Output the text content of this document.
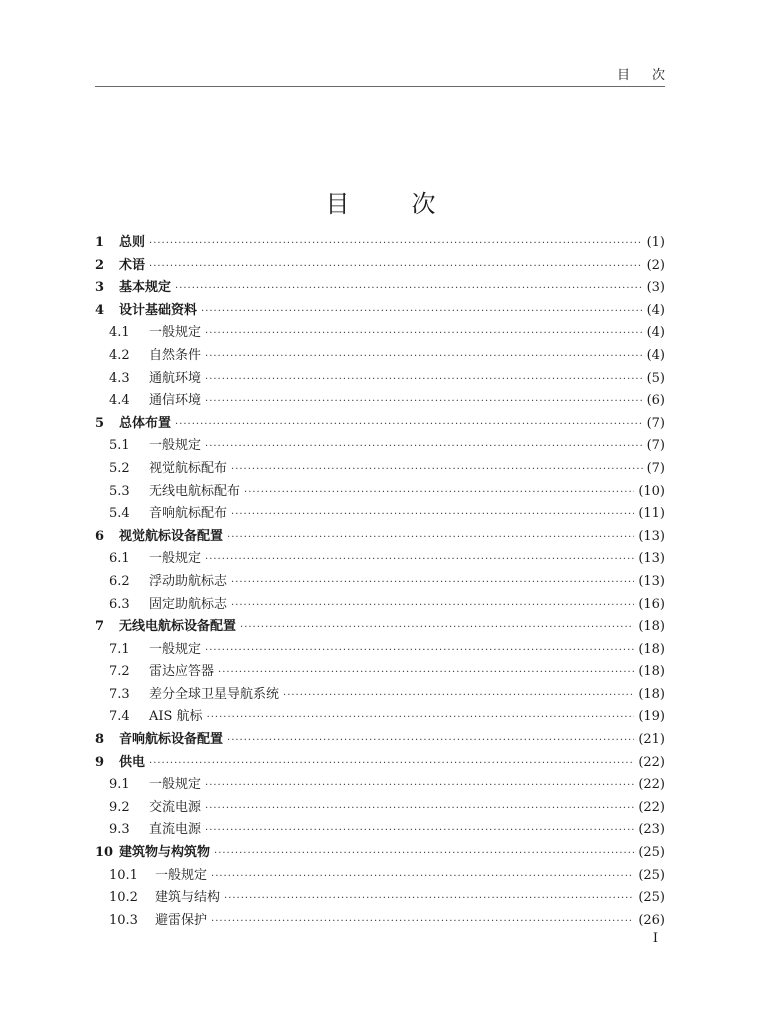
目次
目次
1	总则 ·····	(1)
2	术语 ·····	(2)
3	基本规定 ·····	(3)
4	设计基础资料 ·····	(4)
4.1	一般规定 ·····	(4)
4.2	自然条件 ·····	(4)
4.3	通航环境 ·····	(5)
4.4	通信环境 ·····	(6)
5	总体布置 ·····	(7)
5.1	一般规定 ·····	(7)
5.2	视觉航标配布 ·····	(7)
5.3	无线电航标配布 ·····	(10)
5.4	音响航标配布 ·····	(11)
6	视觉航标设备配置 ·····	(13)
6.1	一般规定 ·····	(13)
6.2	浮动助航标志 ·····	(13)
6.3	固定助航标志 ·····	(16)
7	无线电航标设备配置 ·····	(18)
7.1	一般规定 ·····	(18)
7.2	雷达应答器 ·····	(18)
7.3	差分全球卫星导航系统 ·····	(18)
7.4	AIS 航标 ·····	(19)
8	音响航标设备配置 ·····	(21)
9	供电 ·····	(22)
9.1	一般规定 ·····	(22)
9.2	交流电源 ·····	(22)
9.3	直流电源 ·····	(23)
10 建筑物与构筑物 ·····	(25)
10.1	一般规定 ·····	(25)
10.2	建筑与结构 ·····	(25)
10.3	避雷保护 ·····	(26)
I
